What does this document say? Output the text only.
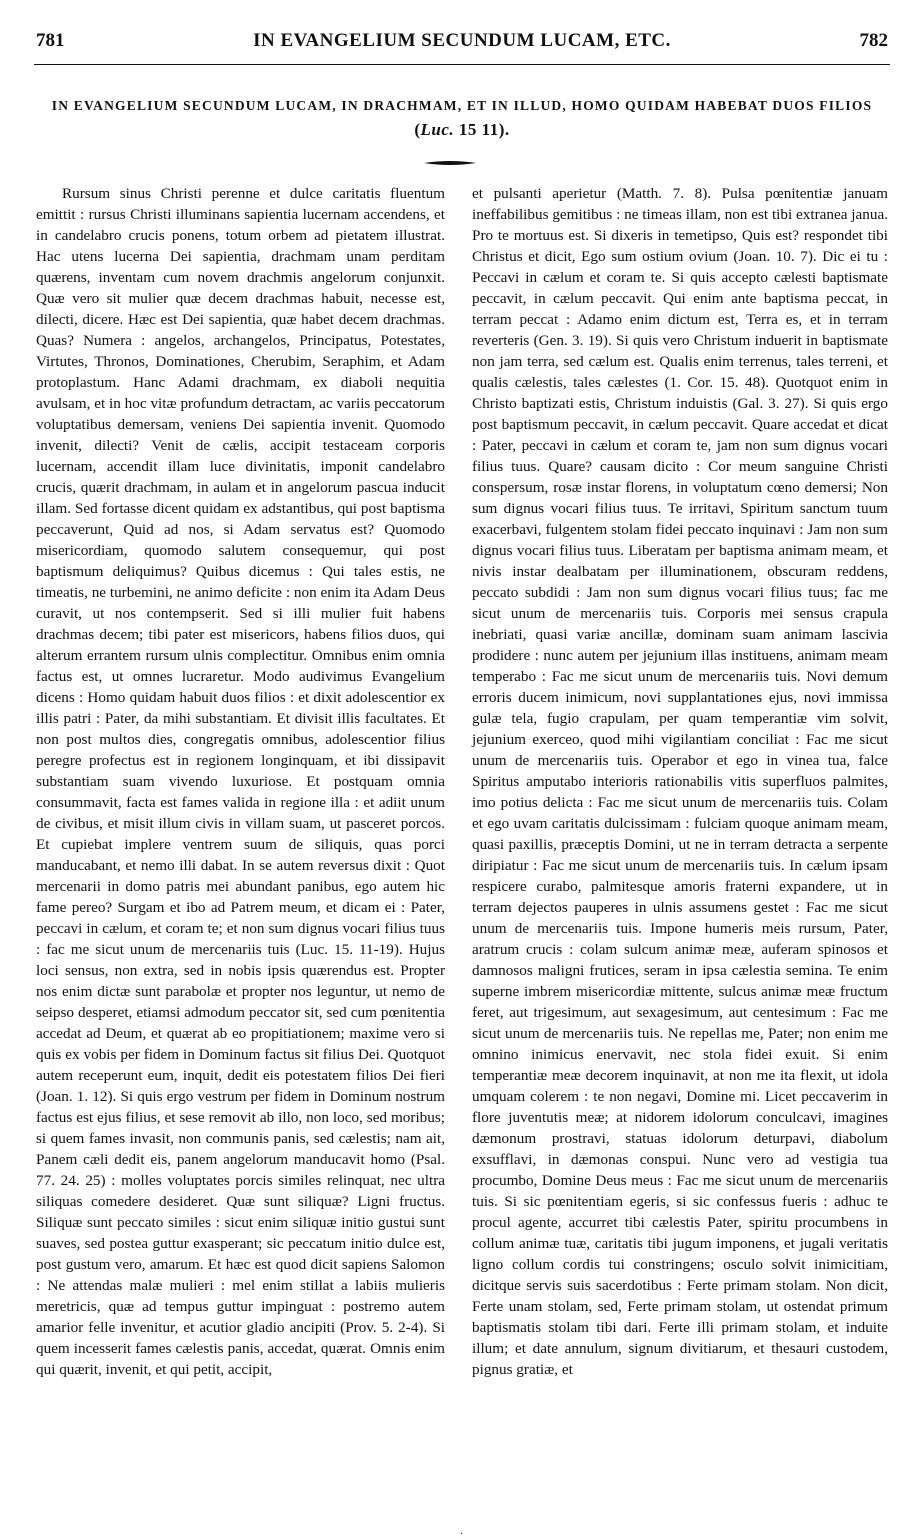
781	IN EVANGELIUM SECUNDUM LUCAM, ETC.	782
IN EVANGELIUM SECUNDUM LUCAM, IN DRACHMAM, ET IN ILLUD, HOMO QUIDAM HABEBAT DUOS FILIOS (Luc. 15 11).

Rursum sinus Christi perenne et dulce caritatis fluentum emittit : rursus Christi illuminans sapientia lucernam accendens, et in candelabro crucis ponens, totum orbem ad pietatem illustrat. Hac utens lucerna Dei sapientia, drachmam unam perditam quærens, inventam cum novem drachmis angelorum conjunxit. Quæ vero sit mulier quæ decem drachmas habuit, necesse est, dilecti, dicere. Hæc est Dei sapientia, quæ habet decem drachmas. Quas? Numera : angelos, archangelos, Principatus, Potestates, Virtutes, Thronos, Dominationes, Cherubim, Seraphim, et Adam protoplastum. Hanc Adami drachmam, ex diaboli nequitia avulsam, et in hoc vitæ profundum detractam, ac variis peccatorum voluptatibus demersam, veniens Dei sapientia invenit. Quomodo invenit, dilecti? Venit de cælis, accipit testaceam corporis lucernam, accendit illam luce divinitatis, imponit candelabro crucis, quærit drachmam, in aulam et in angelorum pascua inducit illam. Sed fortasse dicent quidam ex adstantibus, qui post baptisma peccaverunt, Quid ad nos, si Adam servatus est? Quomodo misericordiam, quomodo salutem consequemur, qui post baptismum deliquimus? Quibus dicemus : Qui tales estis, ne timeatis, ne turbemini, ne animo deficite : non enim ita Adam Deus curavit, ut nos contempserit. Sed si illi mulier fuit habens drachmas decem; tibi pater est misericors, habens filios duos, qui alterum errantem rursum ulnis complectitur. Omnibus enim omnia factus est, ut omnes lucraretur. Modo audivimus Evangelium dicens : Homo quidam habuit duos filios : et dixit adolescentior ex illis patri : Pater, da mihi substantiam. Et divisit illis facultates. Et non post multos dies, congregatis omnibus, adolescentior filius peregre profectus est in regionem longinquam, et ibi dissipavit substantiam suam vivendo luxuriose. Et postquam omnia consummavit, facta est fames valida in regione illa : et adiit unum de civibus, et misit illum civis in villam suam, ut pasceret porcos. Et cupiebat implere ventrem suum de siliquis, quas porci manducabant, et nemo illi dabat. In se autem reversus dixit : Quot mercenarii in domo patris mei abundant panibus, ego autem hic fame pereo? Surgam et ibo ad Patrem meum, et dicam ei : Pater, peccavi in cælum, et coram te; et non sum dignus vocari filius tuus : fac me sicut unum de mercenariis tuis (Luc. 15. 11-19). Hujus loci sensus, non extra, sed in nobis ipsis quærendus est. Propter nos enim dictæ sunt parabolæ et propter nos leguntur, ut nemo de seipso desperet, etiamsi admodum peccator sit, sed cum pœnitentia accedat ad Deum, et quærat ab eo propitiationem; maxime vero si quis ex vobis per fidem in Dominum factus sit filius Dei. Quotquot autem receperunt eum, inquit, dedit eis potestatem filios Dei fieri (Joan. 1. 12). Si quis ergo vestrum per fidem in Dominum nostrum factus est ejus filius, et sese removit ab illo, non loco, sed moribus; si quem fames invasit, non communis panis, sed cælestis; nam ait, Panem cæli dedit eis, panem angelorum manducavit homo (Psal. 77. 24. 25) : molles voluptates porcis similes relinquat, nec ultra siliquas comedere desideret. Quæ sunt siliquæ? Ligni fructus. Siliquæ sunt peccato similes : sicut enim siliquæ initio gustui sunt suaves, sed postea guttur exasperant; sic peccatum initio dulce est, post gustum vero, amarum. Et hæc est quod dicit sapiens Salomon : Ne attendas malæ mulieri : mel enim stillat a labiis mulieris meretricis, quæ ad tempus guttur impinguat : postremo autem amarior felle invenitur, et acutior gladio ancipiti (Prov. 5. 2-4). Si quem incesserit fames cælestis panis, accedat, quærat. Omnis enim qui quærit, invenit, et qui petit, accipit,

et pulsanti aperietur (Matth. 7. 8). Pulsa pœnitentiæ januam ineffabilibus gemitibus : ne timeas illam, non est tibi extranea janua. Pro te mortuus est. Si dixeris in temetipso, Quis est? respondet tibi Christus et dicit, Ego sum ostium ovium (Joan. 10. 7). Dic ei tu : Peccavi in cælum et coram te. Si quis accepto cælesti baptismate peccavit, in cælum peccavit. Qui enim ante baptisma peccat, in terram peccat : Adamo enim dictum est, Terra es, et in terram reverteris (Gen. 3. 19). Si quis vero Christum induerit in baptismate non jam terra, sed cælum est. Qualis enim terrenus, tales terreni, et qualis cælestis, tales cælestes (1. Cor. 15. 48). Quotquot enim in Christo baptizati estis, Christum induistis (Gal. 3. 27). Si quis ergo post baptismum peccavit, in cælum peccavit. Quare accedat et dicat : Pater, peccavi in cælum et coram te, jam non sum dignus vocari filius tuus. Quare? causam dicito : Cor meum sanguine Christi conspersum, rosæ instar florens, in voluptatum cœno demersi; Non sum dignus vocari filius tuus. Te irritavi, Spiritum sanctum tuum exacerbavi, fulgentem stolam fidei peccato inquinavi : Jam non sum dignus vocari filius tuus. Liberatam per baptisma animam meam, et nivis instar dealbatam per illuminationem, obscuram reddens, peccato subdidi : Jam non sum dignus vocari filius tuus; fac me sicut unum de mercenariis tuis. Corporis mei sensus crapula inebriati, quasi variæ ancillæ, dominam suam animam lascivia prodidere : nunc autem per jejunium illas instituens, animam meam temperabo : Fac me sicut unum de mercenariis tuis. Novi demum erroris ducem inimicum, novi supplantationes ejus, novi immissa gulæ tela, fugio crapulam, per quam temperantiæ vim solvit, jejunium exerceo, quod mihi vigilantiam conciliat : Fac me sicut unum de mercenariis tuis. Operabor et ego in vinea tua, falce Spiritus amputabo interioris rationabilis vitis superfluos palmites, imo potius delicta : Fac me sicut unum de mercenariis tuis. Colam et ego uvam caritatis dulcissimam : fulciam quoque animam meam, quasi paxillis, præceptis Domini, ut ne in terram detracta a serpente diripiatur : Fac me sicut unum de mercenariis tuis. In cælum ipsam respicere curabo, palmitesque amoris fraterni expandere, ut in terram dejectos pauperes in ulnis assumens gestet : Fac me sicut unum de mercenariis tuis. Impone humeris meis rursum, Pater, aratrum crucis : colam sulcum animæ meæ, auferam spinosos et damnosos maligni frutices, seram in ipsa cælestia semina. Te enim superne imbrem misericordiæ mittente, sulcus animæ meæ fructum feret, aut trigesimum, aut sexagesimum, aut centesimum : Fac me sicut unum de mercenariis tuis. Ne repellas me, Pater; non enim me omnino inimicus enervavit, nec stola fidei exuit. Si enim temperantiæ meæ decorem inquinavit, at non me ita flexit, ut idola umquam colerem : te non negavi, Domine mi. Licet peccaverim in flore juventutis meæ; at nidorem idolorum conculcavi, imagines dæmonum prostravi, statuas idolorum deturpavi, diabolum exsufflavi, in dæmonas conspui. Nunc vero ad vestigia tua procumbo, Domine Deus meus : Fac me sicut unum de mercenariis tuis. Si sic pœnitentiam egeris, si sic confessus fueris : adhuc te procul agente, accurret tibi cælestis Pater, spiritu procumbens in collum animæ tuæ, caritatis tibi jugum imponens, et jugali veritatis ligno collum cordis tui constringens; osculo solvit inimicitiam, dicitque servis suis sacerdotibus : Ferte primam stolam. Non dicit, Ferte unam stolam, sed, Ferte primam stolam, ut ostendat primum baptismatis stolam tibi dari. Ferte illi primam stolam, et induite illum; et date annulum, signum divitiarum, et thesauri custodem, pignus gratiæ, et

.
